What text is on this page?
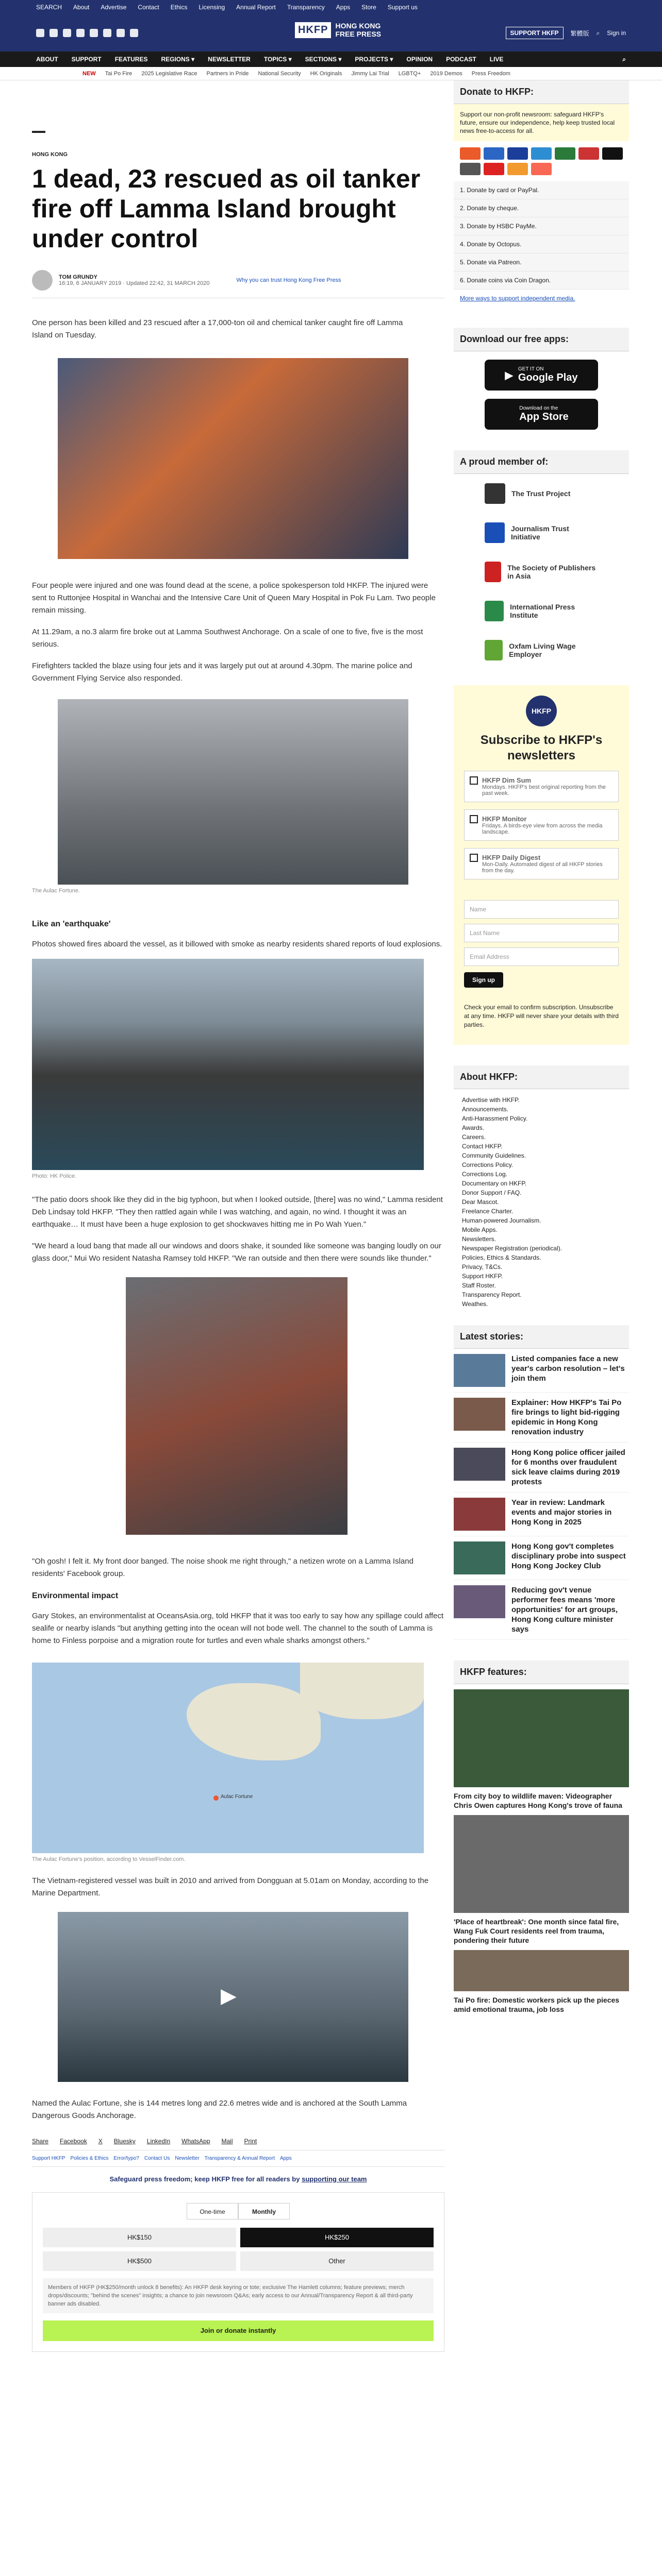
SEARCH About Advertise Contact Ethics Licensing Annual Report Transparency Apps Store Support us
HKFP	HONG KONG
FREE PRESS	SUPPORT HKFP	繁體版 ⌕ Sign in
ABOUT SUPPORT FEATURES REGIONS ▾ NEWSLETTER TOPICS ▾ SECTIONS ▾ PROJECTS ▾ OPINION PODCAST LIVE	⌕
NEW Tai Po Fire 2025 Legislative Race Partners in Pride National Security HK Originals Jimmy Lai Trial LGBTQ+ 2019 Demos Press Freedom
HONG KONG
1 dead, 23 rescued as oil tanker fire off Lamma Island brought under control
TOM GRUNDY
16:19, 6 JANUARY 2019 · Updated 22:42, 31 MARCH 2020	Why you can trust Hong Kong Free Press

One person has been killed and 23 rescued after a 17,000-ton oil and chemical tanker caught fire off Lamma Island on Tuesday.

Four people were injured and one was found dead at the scene, a police spokesperson told HKFP. The injured were sent to Ruttonjee Hospital in Wanchai and the Intensive Care Unit of Queen Mary Hospital in Pok Fu Lam. Two people remain missing.

At 11.29am, a no.3 alarm fire broke out at Lamma Southwest Anchorage. On a scale of one to five, five is the most serious.

Firefighters tackled the blaze using four jets and it was largely put out at around 4.30pm. The marine police and Government Flying Service also responded.

The Aulac Fortune.
Like an 'earthquake'

Photos showed fires aboard the vessel, as it billowed with smoke as nearby residents shared reports of loud explosions.

Photo: HK Police.

"The patio doors shook like they did in the big typhoon, but when I looked outside, [there] was no wind," Lamma resident Deb Lindsay told HKFP. "They then rattled again while I was watching, and again, no wind. I thought it was an earthquake… It must have been a huge explosion to get shockwaves hitting me in Po Wah Yuen."

"We heard a loud bang that made all our windows and doors shake, it sounded like someone was banging loudly on our glass door," Mui Wo resident Natasha Ramsey told HKFP. "We ran outside and then there were sounds like thunder."

"Oh gosh! I felt it. My front door banged. The noise shook me right through," a netizen wrote on a Lamma Island residents' Facebook group.

Environmental impact

Gary Stokes, an environmentalist at OceansAsia.org, told HKFP that it was too early to say how any spillage could affect sealife or nearby islands "but anything getting into the ocean will not bode well. The channel to the south of Lamma is home to Finless porpoise and a migration route for turtles and even whale sharks amongst others."

Aulac Fortune
The Aulac Fortune's position, according to VesselFinder.com.

The Vietnam-registered vessel was built in 2010 and arrived from Dongguan at 5.01am on Monday, according to the Marine Department.

▶

Named the Aulac Fortune, she is 144 metres long and 22.6 metres wide and is anchored at the South Lamma Dangerous Goods Anchorage.

Share Facebook X Bluesky LinkedIn WhatsApp Mail Print
Support HKFP Policies & Ethics Error/typo? Contact Us Newsletter Transparency & Annual Report Apps
Safeguard press freedom; keep HKFP free for all readers by supporting our team
One-time	Monthly
HK$150	HK$250
HK$500	Other
Members of HKFP (HK$250/month unlock 8 benefits): An HKFP desk keyring or tote; exclusive The Hamlett columns; feature previews; merch drops/discounts; "behind the scenes" insights; a chance to join newsroom Q&As; early access to our Annual/Transparency Report & all third-party banner ads disabled.
Join or donate instantly
Donate to HKFP:
Support our non-profit newsroom: safeguard HKFP's future, ensure our independence, help keep trusted local news free-to-access for all.
1. Donate by card or PayPal.
2. Donate by cheque.
3. Donate by HSBC PayMe.
4. Donate by Octopus.
5. Donate via Patreon.
6. Donate coins via Coin Dragon.
More ways to support independent media.
Download our free apps:
▶
GET IT ON
Google Play
Download on the
App Store
A proud member of:
The Trust Project
Journalism Trust Initiative
The Society of Publishers in Asia
International Press Institute
Oxfam Living Wage Employer
HKFP
Subscribe to HKFP's newsletters
HKFP Dim Sum
Mondays. HKFP's best original reporting from the past week.
HKFP Monitor
Fridays. A birds-eye view from across the media landscape.
HKFP Daily Digest
Mon-Daily. Automated digest of all HKFP stories from the day.
Name
Last Name
Email Address
Sign up
Check your email to confirm subscription. Unsubscribe at any time. HKFP will never share your details with third parties.
About HKFP:
Advertise with HKFP.
Announcements.
Anti-Harassment Policy.
Awards.
Careers.
Contact HKFP.
Community Guidelines.
Corrections Policy.
Corrections Log.
Documentary on HKFP.
Donor Support / FAQ.
Dear Mascot.
Freelance Charter.
Human-powered Journalism.
Mobile Apps.
Newsletters.
Newspaper Registration (periodical).
Policies, Ethics & Standards.
Privacy, T&Cs.
Support HKFP.
Staff Roster.
Transparency Report.
Weathes.
Latest stories:
Listed companies face a new year's carbon resolution – let's join them
Explainer: How HKFP's Tai Po fire brings to light bid-rigging epidemic in Hong Kong renovation industry
Hong Kong police officer jailed for 6 months over fraudulent sick leave claims during 2019 protests
Year in review: Landmark events and major stories in Hong Kong in 2025
Hong Kong gov't completes disciplinary probe into suspect Hong Kong Jockey Club
Reducing gov't venue performer fees means 'more opportunities' for art groups, Hong Kong culture minister says
HKFP features:
From city boy to wildlife maven: Videographer Chris Owen captures Hong Kong's trove of fauna
'Place of heartbreak': One month since fatal fire, Wang Fuk Court residents reel from trauma, pondering their future
Tai Po fire: Domestic workers pick up the pieces amid emotional trauma, job loss
